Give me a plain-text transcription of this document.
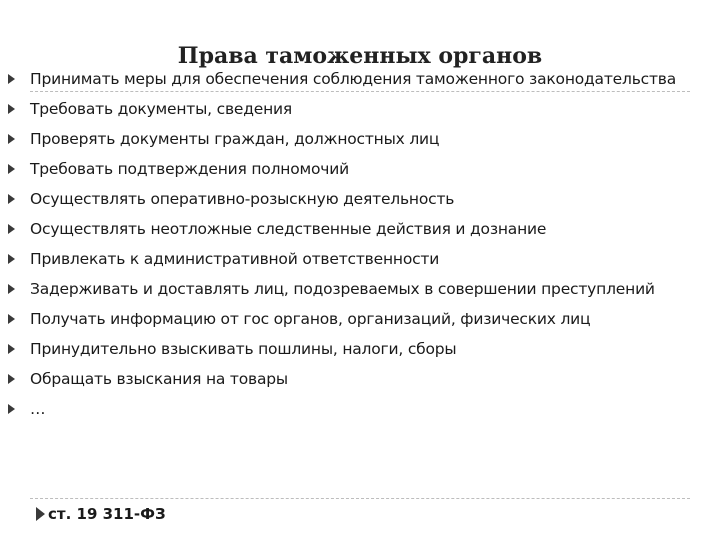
Права таможенных органов
Принимать меры для обеспечения соблюдения таможенного законодательства
Требовать документы, сведения
Проверять документы граждан, должностных лиц
Требовать подтверждения полномочий
Осуществлять оперативно-розыскную деятельность
Осуществлять неотложные следственные действия и дознание
Привлекать к административной ответственности
Задерживать и доставлять лиц, подозреваемых в совершении преступлений
Получать информацию от гос органов, организаций, физических лиц
Принудительно взыскивать пошлины, налоги, сборы
Обращать взыскания на товары
…
ст. 19 311-ФЗ
